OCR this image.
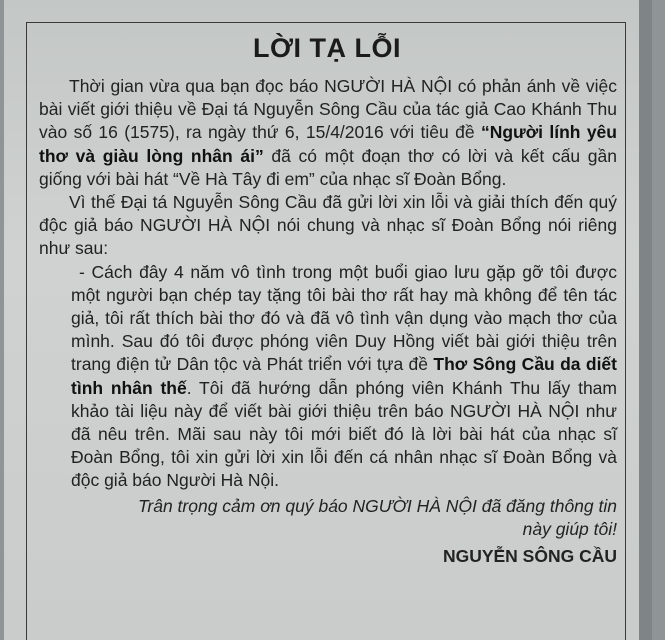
LỜI TẠ LỖI

Thời gian vừa qua bạn đọc báo NGƯỜI HÀ NỘI có phản ánh về việc bài viết giới thiệu về Đại tá Nguyễn Sông Cầu của tác giả Cao Khánh Thu vào số 16 (1575), ra ngày thứ 6, 15/4/2016 với tiêu đề “Người lính yêu thơ và giàu lòng nhân ái” đã có một đoạn thơ có lời và kết cấu gần giống với bài hát “Về Hà Tây đi em” của nhạc sĩ Đoàn Bổng.

Vì thế Đại tá Nguyễn Sông Cầu đã gửi lời xin lỗi và giải thích đến quý độc giả báo NGƯỜI HÀ NỘI nói chung và nhạc sĩ Đoàn Bổng nói riêng như sau:

- Cách đây 4 năm vô tình trong một buổi giao lưu gặp gỡ tôi được một người bạn chép tay tặng tôi bài thơ rất hay mà không để tên tác giả, tôi rất thích bài thơ đó và đã vô tình vận dụng vào mạch thơ của mình. Sau đó tôi được phóng viên Duy Hồng viết bài giới thiệu trên trang điện tử Dân tộc và Phát triển với tựa đề Thơ Sông Cầu da diết tình nhân thế. Tôi đã hướng dẫn phóng viên Khánh Thu lấy tham khảo tài liệu này để viết bài giới thiệu trên báo NGƯỜI HÀ NỘI như đã nêu trên. Mãi sau này tôi mới biết đó là lời bài hát của nhạc sĩ Đoàn Bổng, tôi xin gửi lời xin lỗi đến cá nhân nhạc sĩ Đoàn Bổng và độc giả báo Người Hà Nội.

Trân trọng cảm ơn quý báo NGƯỜI HÀ NỘI đã đăng thông tin này giúp tôi!

NGUYỄN SÔNG CẦU
